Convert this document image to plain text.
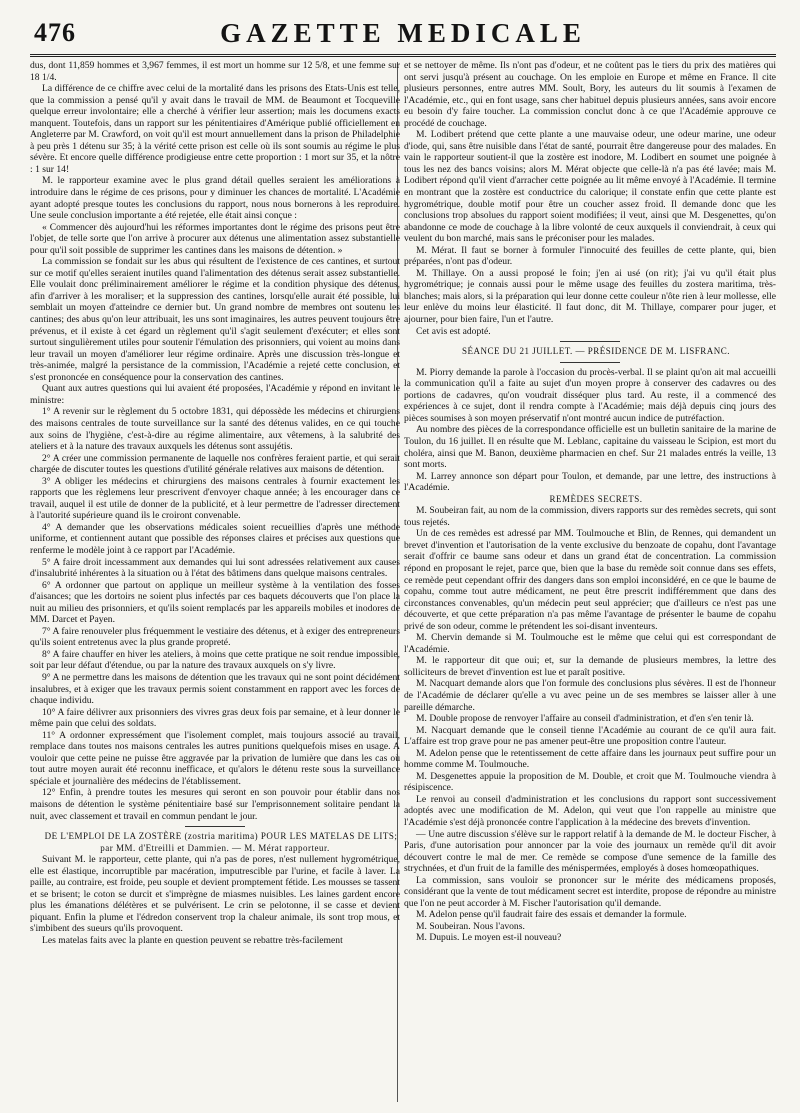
476	GAZETTE MEDICALE

dus, dont 11,859 hommes et 3,967 femmes, il est mort un homme sur 12 5/8, et une femme sur 18 1/4.

La différence de ce chiffre avec celui de la mortalité dans les prisons des Etats-Unis est telle, que la commission a pensé qu'il y avait dans le travail de MM. de Beaumont et Tocqueville quelque erreur involontaire; elle a cherché à vérifier leur assertion; mais les documens exacts manquent. Toutefois, dans un rapport sur les pénitentiaires d'Amérique publié officiellement en Angleterre par M. Crawford, on voit qu'il est mourt annuellement dans la prison de Philadelphie à peu près 1 détenu sur 35; à la vérité cette prison est celle où ils sont soumis au régime le plus sévère. Et encore quelle différence prodigieuse entre cette proportion : 1 mort sur 35, et la nôtre : 1 sur 14!

M. le rapporteur examine avec le plus grand détail quelles seraient les améliorations à introduire dans le régime de ces prisons, pour y diminuer les chances de mortalité. L'Académie ayant adopté presque toutes les conclusions du rapport, nous nous bornerons à les reproduire. Une seule conclusion importante a été rejetée, elle était ainsi conçue :

« Commencer dès aujourd'hui les réformes importantes dont le régime des prisons peut être l'objet, de telle sorte que l'on arrive à procurer aux détenus une alimentation assez substantielle pour qu'il soit possible de supprimer les cantines dans les maisons de détention. »

La commission se fondait sur les abus qui résultent de l'existence de ces cantines, et surtout sur ce motif qu'elles seraient inutiles quand l'alimentation des détenus serait assez substantielle. Elle voulait donc préliminairement améliorer le régime et la condition physique des détenus, afin d'arriver à les moraliser; et la suppression des cantines, lorsqu'elle aurait été possible, lui semblait un moyen d'atteindre ce dernier but. Un grand nombre de membres ont soutenu les cantines; des abus qu'on leur attribuait, les uns sont imaginaires, les autres peuvent toujours être prévenus, et il existe à cet égard un règlement qu'il s'agit seulement d'exécuter; et elles sont surtout singulièrement utiles pour soutenir l'émulation des prisonniers, qui voient au moins dans leur travail un moyen d'améliorer leur régime ordinaire. Après une discussion très-longue et très-animée, malgré la persistance de la commission, l'Académie a rejeté cette conclusion, et s'est prononcée en conséquence pour la conservation des cantines.

Quant aux autres questions qui lui avaient été proposées, l'Académie y répond en invitant le ministre:

1° A revenir sur le règlement du 5 octobre 1831, qui dépossède les médecins et chirurgiens des maisons centrales de toute surveillance sur la santé des détenus valides, en ce qui touche aux soins de l'hygiène, c'est-à-dire au régime alimentaire, aux vêtemens, à la salubrité des ateliers et à la nature des travaux auxquels les détenus sont assujétis.

2° A créer une commission permanente de laquelle nos confrères feraient partie, et qui serait chargée de discuter toutes les questions d'utilité générale relatives aux maisons de détention.

3° A obliger les médecins et chirurgiens des maisons centrales à fournir exactement les rapports que les règlemens leur prescrivent d'envoyer chaque année; à les encourager dans ce travail, auquel il est utile de donner de la publicité, et à leur permettre de l'adresser directement à l'autorité supérieure quand ils le croiront convenable.

4° A demander que les observations médicales soient recueillies d'après une méthode uniforme, et contiennent autant que possible des réponses claires et précises aux questions que renferme le modèle joint à ce rapport par l'Académie.

5° A faire droit incessamment aux demandes qui lui sont adressées relativement aux causes d'insalubrité inhérentes à la situation ou à l'état des bâtimens dans quelque maisons centrales.

6° A ordonner que partout on applique un meilleur système à la ventilation des fosses d'aisances; que les dortoirs ne soient plus infectés par ces baquets découverts que l'on place la nuit au milieu des prisonniers, et qu'ils soient remplacés par les appareils mobiles et inodores de MM. Darcet et Payen.

7° A faire renouveler plus fréquemment le vestiaire des détenus, et à exiger des entrepreneurs qu'ils soient entretenus avec la plus grande propreté.

8° A faire chauffer en hiver les ateliers, à moins que cette pratique ne soit rendue impossible, soit par leur défaut d'étendue, ou par la nature des travaux auxquels on s'y livre.

9° A ne permettre dans les maisons de détention que les travaux qui ne sont point décidément insalubres, et à exiger que les travaux permis soient constamment en rapport avec les forces de chaque individu.

10° A faire délivrer aux prisonniers des vivres gras deux fois par semaine, et à leur donner le même pain que celui des soldats.

11° A ordonner expressément que l'isolement complet, mais toujours associé au travail, remplace dans toutes nos maisons centrales les autres punitions quelquefois mises en usage. A vouloir que cette peine ne puisse être aggravée par la privation de lumière que dans les cas où tout autre moyen aurait été reconnu inefficace, et qu'alors le détenu reste sous la surveillance spéciale et journalière des médecins de l'établissement.

12° Enfin, à prendre toutes les mesures qui seront en son pouvoir pour établir dans nos maisons de détention le système pénitentiaire basé sur l'emprisonnement solitaire pendant la nuit, avec classement et travail en commun pendant le jour.

DE L'EMPLOI DE LA ZOSTÈRE (zostria maritima) POUR LES MATELAS DE LITS; par MM. d'Etreilli et Dammien. — M. Mérat rapporteur.

Suivant M. le rapporteur, cette plante, qui n'a pas de pores, n'est nullement hygrométrique, elle est élastique, incorruptible par macération, imputrescible par l'urine, et facile à laver. La paille, au contraire, est froide, peu souple et devient promptement fétide. Les mousses se tassent et se brisent; le coton se durcit et s'imprègne de miasmes nuisibles. Les laines gardent encore plus les émanations délétères et se pulvérisent. Le crin se pelotonne, il se casse et devient piquant. Enfin la plume et l'édredon conservent trop la chaleur animale, ils sont trop mous, et s'imbibent des sueurs qu'ils provoquent.

Les matelas faits avec la plante en question peuvent se rebattre très-facilement

et se nettoyer de même. Ils n'ont pas d'odeur, et ne coûtent pas le tiers du prix des matières qui ont servi jusqu'à présent au couchage. On les emploie en Europe et même en France. Il cite plusieurs personnes, entre autres MM. Soult, Bory, les auteurs du lit soumis à l'examen de l'Académie, etc., qui en font usage, sans cher habituel depuis plusieurs années, sans avoir encore eu besoin d'y faire toucher. La commission conclut donc à ce que l'Académie approuve ce procédé de couchage.

M. Lodibert prétend que cette plante a une mauvaise odeur, une odeur marine, une odeur d'iode, qui, sans être nuisible dans l'état de santé, pourrait être dangereuse pour des malades. En vain le rapporteur soutient-il que la zostère est inodore, M. Lodibert en soumet une poignée à tous les nez des bancs voisins; alors M. Mérat objecte que celle-là n'a pas été lavée; mais M. Lodibert répond qu'il vient d'arracher cette poignée au lit même envoyé à l'Académie. Il termine en montrant que la zostère est conductrice du calorique; il constate enfin que cette plante est hygrométrique, double motif pour être un coucher assez froid. Il demande donc que les conclusions trop absolues du rapport soient modifiées; il veut, ainsi que M. Desgenettes, qu'on abandonne ce mode de couchage à la libre volonté de ceux auxquels il conviendrait, à ceux qui veulent du bon marché, mais sans le préconiser pour les malades.

M. Mérat. Il faut se borner à formuler l'innocuité des feuilles de cette plante, qui, bien préparées, n'ont pas d'odeur.

M. Thillaye. On a aussi proposé le foin; j'en ai usé (on rit); j'ai vu qu'il était plus hygrométrique; je connais aussi pour le même usage des feuilles du zostera maritima, très-blanches; mais alors, si la préparation qui leur donne cette couleur n'ôte rien à leur mollesse, elle leur enlève du moins leur élasticité. Il faut donc, dit M. Thillaye, comparer pour juger, et ajourner, pour bien faire, l'un et l'autre.

Cet avis est adopté.

SÉANCE DU 21 JUILLET. — PRÉSIDENCE DE M. LISFRANC.

M. Piorry demande la parole à l'occasion du procès-verbal. Il se plaint qu'on ait mal accueilli la communication qu'il a faite au sujet d'un moyen propre à conserver des cadavres ou des portions de cadavres, qu'on voudrait disséquer plus tard. Au reste, il a commencé des expériences à ce sujet, dont il rendra compte à l'Académie; mais déjà depuis cinq jours des pièces soumises à son moyen préservatif n'ont montré aucun indice de putréfaction.

Au nombre des pièces de la correspondance officielle est un bulletin sanitaire de la marine de Toulon, du 16 juillet. Il en résulte que M. Leblanc, capitaine du vaisseau le Scipion, est mort du choléra, ainsi que M. Banon, deuxième pharmacien en chef. Sur 21 malades entrés la veille, 13 sont morts.

M. Larrey annonce son départ pour Toulon, et demande, par une lettre, des instructions à l'Académie.

REMÈDES SECRETS.

M. Soubeiran fait, au nom de la commission, divers rapports sur des remèdes secrets, qui sont tous rejetés.

Un de ces remèdes est adressé par MM. Toulmouche et Blin, de Rennes, qui demandent un brevet d'invention et l'autorisation de la vente exclusive du benzoate de copahu, dont l'avantage serait d'offrir ce baume sans odeur et dans un grand état de concentration. La commission répond en proposant le rejet, parce que, bien que la base du remède soit connue dans ses effets, ce remède peut cependant offrir des dangers dans son emploi inconsidéré, en ce que le baume de copahu, comme tout autre médicament, ne peut être prescrit indifféremment que dans des circonstances convenables, qu'un médecin peut seul apprécier; que d'ailleurs ce n'est pas une découverte, et que cette préparation n'a pas même l'avantage de présenter le baume de copahu privé de son odeur, comme le prétendent les soi-disant inventeurs.

M. Chervin demande si M. Toulmouche est le même que celui qui est correspondant de l'Académie.

M. le rapporteur dit que oui; et, sur la demande de plusieurs membres, la lettre des solliciteurs de brevet d'invention est lue et paraît positive.

M. Nacquart demande alors que l'on formule des conclusions plus sévères. Il est de l'honneur de l'Académie de déclarer qu'elle a vu avec peine un de ses membres se laisser aller à une pareille démarche.

M. Double propose de renvoyer l'affaire au conseil d'administration, et d'en s'en tenir là.

M. Nacquart demande que le conseil tienne l'Académie au courant de ce qu'il aura fait. L'affaire est trop grave pour ne pas amener peut-être une proposition contre l'auteur.

M. Adelon pense que le retentissement de cette affaire dans les journaux peut suffire pour un homme comme M. Toulmouche.

M. Desgenettes appuie la proposition de M. Double, et croit que M. Toulmouche viendra à résipiscence.

Le renvoi au conseil d'administration et les conclusions du rapport sont successivement adoptés avec une modification de M. Adelon, qui veut que l'on rappelle au ministre que l'Académie s'est déjà prononcée contre l'application à la médecine des brevets d'invention.

— Une autre discussion s'élève sur le rapport relatif à la demande de M. le docteur Fischer, à Paris, d'une autorisation pour annoncer par la voie des journaux un remède qu'il dit avoir découvert contre le mal de mer. Ce remède se compose d'une semence de la famille des strychnées, et d'un fruit de la famille des ménispermées, employés à doses homœopathiques.

La commission, sans vouloir se prononcer sur le mérite des médicamens proposés, considérant que la vente de tout médicament secret est interdite, propose de répondre au ministre que l'on ne peut accorder à M. Fischer l'autorisation qu'il demande.

M. Adelon pense qu'il faudrait faire des essais et demander la formule.

M. Soubeiran. Nous l'avons.

M. Dupuis. Le moyen est-il nouveau?
